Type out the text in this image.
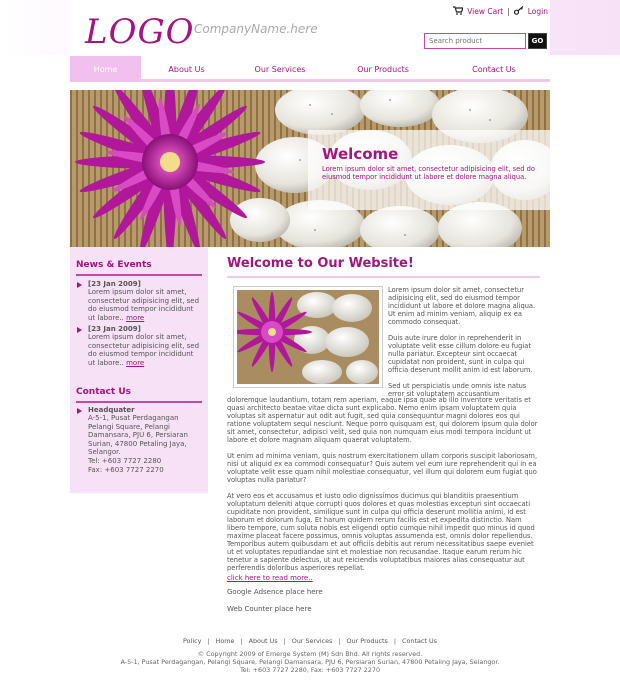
LOGO CompanyName.here
View Cart | Login
Search product
GO
Home	About Us	Our Services	Our Products	Contact Us
Welcome
Lorem ipsum dolor sit amet, consectetur adipisicing elit, sed do eiusmod tempor incididunt ut labore et dolore magna aliqua.
News & Events
[23 Jan 2009]
Lorem ipsum dolor sit amet, consectetur adipisicing elit, sed do eiusmod tempor incididunt ut labore.. more
[23 Jan 2009]
Lorem ipsum dolor sit amet, consectetur adipisicing elit, sed do eiusmod tempor incididunt ut labore.. more
Contact Us
Headquater
A-5-1, Pusat Perdagangan Pelangi Square, Pelangi Damansara, PJU 6, Persiaran Surian, 47800 Petaling Jaya, Selangor.
Tel: +603 7727 2280
Fax: +603 7727 2270
Welcome to Our Website!

Lorem ipsum dolor sit amet, consectetur adipisicing elit, sed do eiusmod tempor incididunt ut labore et dolore magna aliqua. Ut enim ad minim veniam, aliquip ex ea commodo consequat.

Duis aute irure dolor in reprehenderit in voluptate velit esse cillum dolore eu fugiat nulla pariatur. Excepteur sint occaecat cupidatat non proident, sunt in culpa qui officia deserunt mollit anim id est laborum.

Sed ut perspiciatis unde omnis iste natus error sit voluptatem accusantium

doloremque laudantium, totam rem aperiam, eaque ipsa quae ab illo inventore veritatis et quasi architecto beatae vitae dicta sunt explicabo. Nemo enim ipsam voluptatem quia voluptas sit aspernatur aut odit aut fugit, sed quia consequuntur magni dolores eos qui ratione voluptatem sequi nesciunt. Neque porro quisquam est, qui dolorem ipsum quia dolor sit amet, consectetur, adipisci velit, sed quia non numquam eius modi tempora incidunt ut labore et dolore magnam aliquam quaerat voluptatem.

Ut enim ad minima veniam, quis nostrum exercitationem ullam corporis suscipit laboriosam, nisi ut aliquid ex ea commodi consequatur? Quis autem vel eum iure reprehenderit qui in ea voluptate velit esse quam nihil molestiae consequatur, vel illum qui dolorem eum fugiat quo voluptas nulla pariatur?

At vero eos et accusamus et iusto odio dignissimos ducimus qui blanditiis praesentium voluptatum deleniti atque corrupti quos dolores et quas molestias excepturi sint occaecati cupiditate non provident, similique sunt in culpa qui officia deserunt mollitia animi, id est laborum et dolorum fuga. Et harum quidem rerum facilis est et expedita distinctio. Nam libero tempore, cum soluta nobis est eligendi optio cumque nihil impedit quo minus id quod maxime placeat facere possimus, omnis voluptas assumenda est, omnis dolor repellendus. Temporibus autem quibusdam et aut officiis debitis aut rerum necessitatibus saepe eveniet ut et voluptates repudiandae sint et molestiae non recusandae. Itaque earum rerum hic tenetur a sapiente delectus, ut aut reiciendis voluptatibus maiores alias consequatur aut perferendis doloribus asperiores repellat.

click here to read more..
Google Adsence place here
Web Counter place here
Policy | Home | About Us | Our Services | Our Products | Contact Us
© Copyright 2009 of Emerge System (M) Sdn Bhd. All rights reserved.
A-5-1, Pusat Perdagangan, Pelangi Square, Pelangi Damansara, PJU 6, Persiaran Surian, 47800 Petaling Jaya, Selangor.
Tel: +603 7727 2280, Fax: +603 7727 2270
